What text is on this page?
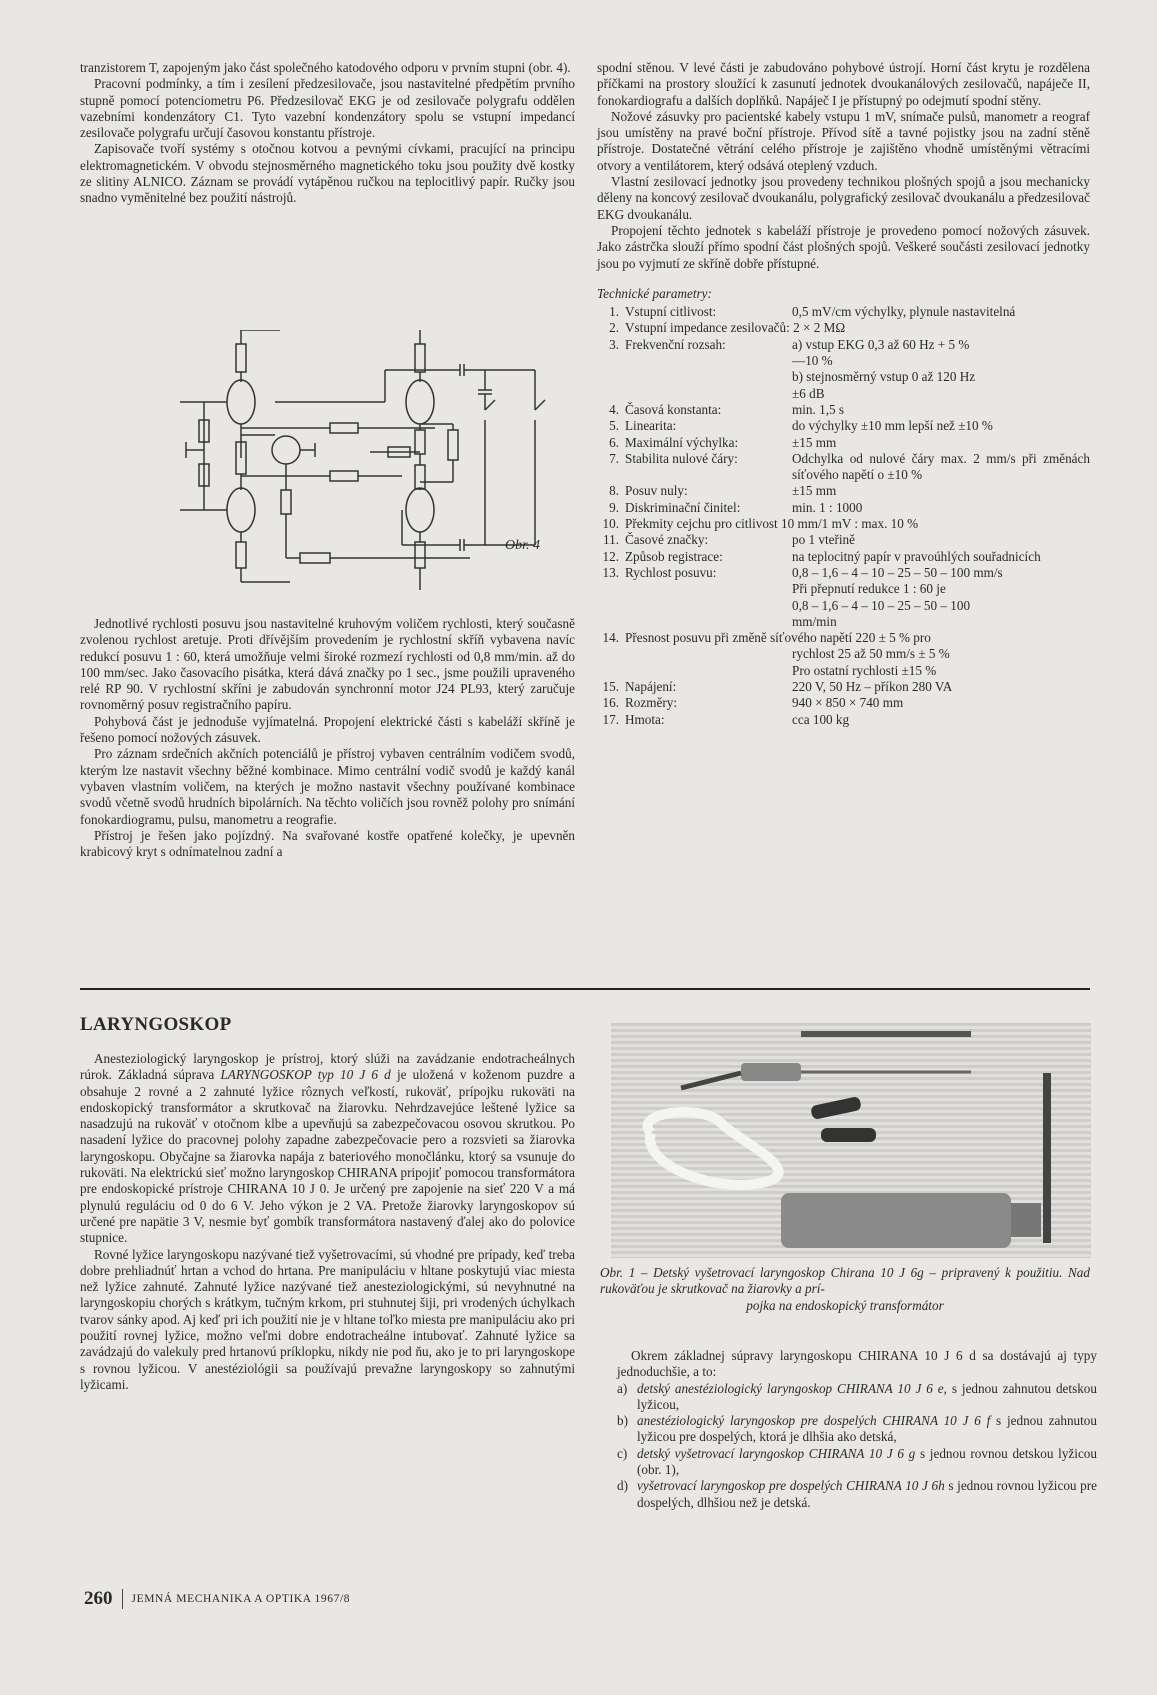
tranzistorem T, zapojeným jako část společného katodového odporu v prvním stupni (obr. 4).

Pracovní podmínky, a tím i zesílení předzesilovače, jsou nastavitelné předpětím prvního stupně pomocí potenciometru P6. Předzesilovač EKG je od zesilovače polygrafu oddělen vazebními kondenzátory C1. Tyto vazební kondenzátory spolu se vstupní impedancí zesilovače polygrafu určují časovou konstantu přístroje.

Zapisovače tvoří systémy s otočnou kotvou a pevnými cívkami, pracující na principu elektromagnetickém. V obvodu stejnosměrného magnetického toku jsou použity dvě kostky ze slitiny ALNICO. Záznam se provádí vytápěnou ručkou na teplocitlivý papír. Ručky jsou snadno vyměnitelné bez použití nástrojů.

Obr. 4

Jednotlivé rychlosti posuvu jsou nastavitelné kruhovým voličem rychlosti, který současně zvolenou rychlost aretuje. Proti dřívějším provedením je rychlostní skříň vybavena navíc redukcí posuvu 1 : 60, která umožňuje velmi široké rozmezí rychlosti od 0,8 mm/min. až do 100 mm/sec. Jako časovacího pisátka, která dává značky po 1 sec., jsme použili upraveného relé RP 90. V rychlostní skříni je zabudován synchronní motor J24 PL93, který zaručuje rovnoměrný posuv registračního papíru.

Pohybová část je jednoduše vyjímatelná. Propojení elektrické části s kabeláží skříně je řešeno pomocí nožových zásuvek.

Pro záznam srdečních akčních potenciálů je přístroj vybaven centrálním vodičem svodů, kterým lze nastavit všechny běžné kombinace. Mimo centrální vodič svodů je každý kanál vybaven vlastním voličem, na kterých je možno nastavit všechny používané kombinace svodů včetně svodů hrudních bipolárních. Na těchto voličích jsou rovněž polohy pro snímání fonokardiogramu, pulsu, manometru a reografie.

Přístroj je řešen jako pojízdný. Na svařované kostře opatřené kolečky, je upevněn krabicový kryt s odnímatelnou zadní a

spodní stěnou. V levé části je zabudováno pohybové ústrojí. Horní část krytu je rozdělena příčkami na prostory sloužící k zasunutí jednotek dvoukanálových zesilovačů, napáječe II, fonokardiografu a dalších doplňků. Napáječ I je přístupný po odejmutí spodní stěny.

Nožové zásuvky pro pacientské kabely vstupu 1 mV, snímače pulsů, manometr a reograf jsou umístěny na pravé boční přístroje. Přívod sítě a tavné pojistky jsou na zadní stěně přístroje. Dostatečné větrání celého přístroje je zajištěno vhodně umístěnými větracími otvory a ventilátorem, který odsává oteplený vzduch.

Vlastní zesilovací jednotky jsou provedeny technikou plošných spojů a jsou mechanicky děleny na koncový zesilovač dvoukanálu, polygrafický zesilovač dvoukanálu a předzesilovač EKG dvoukanálu.

Propojení těchto jednotek s kabeláží přístroje je provedeno pomocí nožových zásuvek. Jako zástrčka slouží přímo spodní část plošných spojů. Veškeré součásti zesilovací jednotky jsou po vyjmutí ze skříně dobře přístupné.

Technické parametry:
1.	Vstupní citlivost:	0,5 mV/cm výchylky, plynule nastavitelná

2.	Vstupní impedance zesilovačů: 2 × 2 MΩ	

3.	Frekvenční rozsah:	a) vstup EKG 0,3 až 60 Hz + 5 %
—10 %
b) stejnosměrný vstup 0 až 120 Hz
±6 dB

4.	Časová konstanta:	min. 1,5 s

5.	Linearita:	do výchylky ±10 mm lepší než ±10 %

6.	Maximální výchylka:	±15 mm

7.	Stabilita nulové čáry:	Odchylka od nulové čáry max. 2 mm/s při změnách síťového napětí o ±10 %

8.	Posuv nuly:	±15 mm

9.	Diskriminační činitel:	min. 1 : 1000

10.	Překmity cejchu pro citlivost 10 mm/1 mV : max. 10 %	

11.	Časové značky:	po 1 vteřině

12.	Způsob registrace:	na teplocitný papír v pravoúhlých souřadnicích

13.	Rychlost posuvu:	0,8 – 1,6 – 4 – 10 – 25 – 50 – 100 mm/s
Při přepnutí redukce 1 : 60 je
0,8 – 1,6 – 4 – 10 – 25 – 50 – 100
mm/min

14.	Přesnost posuvu při změně síťového napětí 220 ± 5 % pro
rychlost 25 až 50 mm/s ± 5 %
Pro ostatní rychlosti ±15 %	

15.	Napájení:	220 V, 50 Hz – příkon 280 VA

16.	Rozměry:	940 × 850 × 740 mm

17.	Hmota:	cca 100 kg
LARYNGOSKOP

Anesteziologický laryngoskop je prístroj, ktorý slúži na zavádzanie endotracheálnych rúrok. Základná súprava LARYNGOSKOP typ 10 J 6 d je uložená v koženom puzdre a obsahuje 2 rovné a 2 zahnuté lyžice rôznych veľkostí, rukoväť, prípojku rukoväti na endoskopický transformátor a skrutkovač na žiarovku. Nehrdzavejúce leštené lyžice sa nasadzujú na rukoväť v otočnom klbe a upevňujú sa zabezpečovacou osovou skrutkou. Po nasadení lyžice do pracovnej polohy zapadne zabezpečovacie pero a rozsvieti sa žiarovka laryngoskopu. Obyčajne sa žiarovka napája z bateriového monočlánku, ktorý sa vsunuje do rukoväti. Na elektrickú sieť možno laryngoskop CHIRANA pripojiť pomocou transformátora pre endoskopické prístroje CHIRANA 10 J 0. Je určený pre zapojenie na sieť 220 V a má plynulú reguláciu od 0 do 6 V. Jeho výkon je 2 VA. Pretože žiarovky laryngoskopov sú určené pre napätie 3 V, nesmie byť gombík transformátora nastavený ďalej ako do polovice stupnice.

Rovné lyžice laryngoskopu nazývané tiež vyšetrovacími, sú vhodné pre prípady, keď treba dobre prehliadnúť hrtan a vchod do hrtana. Pre manipuláciu v hltane poskytujú viac miesta než lyžice zahnuté. Zahnuté lyžice nazývané tiež anesteziologickými, sú nevyhnutné na laryngoskopiu chorých s krátkym, tučným krkom, pri stuhnutej šiji, pri vrodených úchylkach tvarov sánky apod. Aj keď pri ich použití nie je v hltane toľko miesta pre manipuláciu ako pri použití rovnej lyžice, možno veľmi dobre endotracheálne intubovať. Zahnuté lyžice sa zavádzajú do valekuly pred hrtanovú príklopku, nikdy nie pod ňu, ako je to pri laryngoskope s rovnou lyžicou. V anestéziológii sa používajú prevažne laryngoskopy so zahnutými lyžicami.

Obr. 1 – Detský vyšetrovací laryngoskop Chirana 10 J 6g – pripravený k použitiu. Nad rukoväťou je skrutkovač na žiarovky a prí-
pojka na endoskopický transformátor

Okrem základnej súpravy laryngoskopu CHIRANA 10 J 6 d sa dostávajú aj typy jednoduchšie, a to:

a) detský anestéziologický laryngoskop CHIRANA 10 J 6 e, s jednou zahnutou detskou lyžicou,
b) anestéziologický laryngoskop pre dospelých CHIRANA 10 J 6 f s jednou zahnutou lyžicou pre dospelých, ktorá je dlhšia ako detská,
c) detský vyšetrovací laryngoskop CHIRANA 10 J 6 g s jednou rovnou detskou lyžicou (obr. 1),
d) vyšetrovací laryngoskop pre dospelých CHIRANA 10 J 6h s jednou rovnou lyžicou pre dospelých, dlhšiou než je detská.
260 JEMNÁ MECHANIKA A OPTIKA 1967/8
